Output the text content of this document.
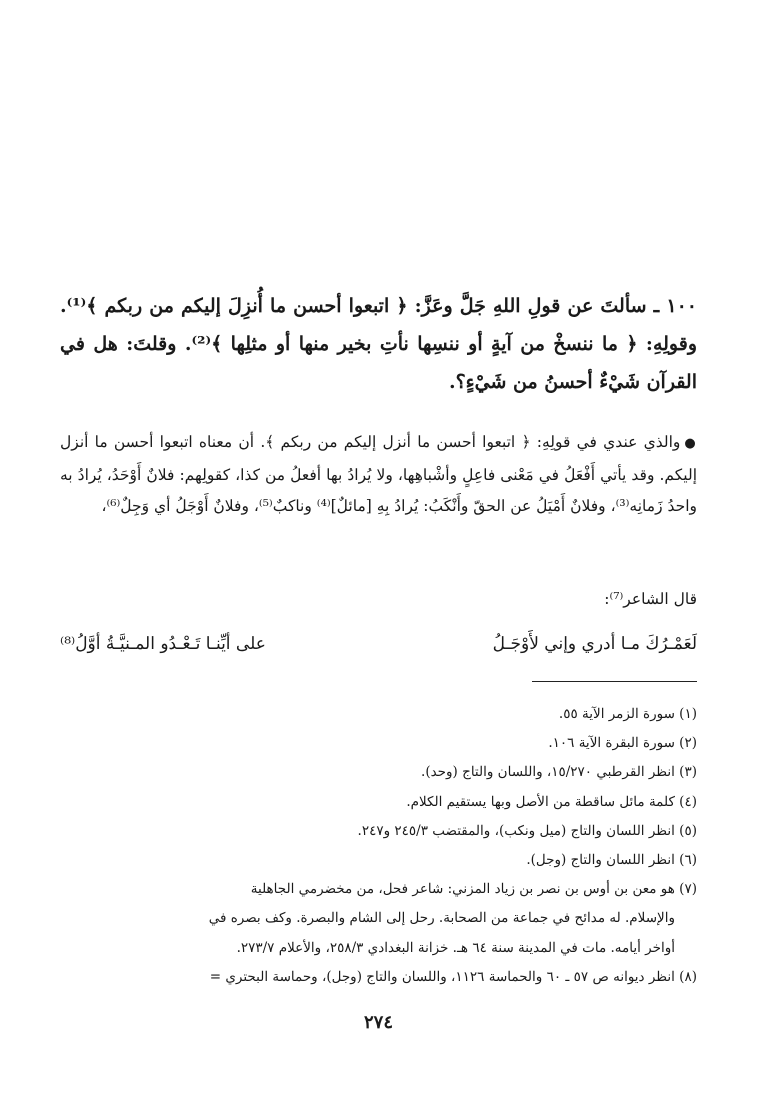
١٠٠ ـ سألتَ عن قولِ اللهِ جَلَّ وعَزَّ: ﴿ اتبعوا أحسن ما أُنزِلَ إليكم من ربكم ﴾⁽¹⁾. وقولِهِ: ﴿ ما ننسخْ من آيةٍ أو ننسِها نأتِ بخير منها أو مثلِها ﴾⁽²⁾. وقلتَ: هل في القرآن شَيْءٌ أحسنُ من شَيْءٍ؟.
●والذي عندي في قولِهِ: ﴿ اتبعوا أحسن ما أنزل إليكم من ربكم ﴾. أن معناه اتبعوا أحسن ما أنزل إليكم. وقد يأتي أَفْعَلُ في مَعْنى فاعِلٍ وأشْباهِها، ولا يُرادُ بها أفعلُ من كذا، كقولِهم: فلانٌ أَوْحَدُ، يُرادُ به واحدُ زَمانِه⁽³⁾، وفلانٌ أَمْيَلُ عن الحقّ وأَنْكَبُ: يُرادُ بِهِ [مائلٌ]⁽⁴⁾ وناكبٌ⁽⁵⁾، وفلانٌ أَوْجَلُ أي وَجِلٌ⁽⁶⁾،
قال الشاعر⁽⁷⁾:
لَعَمْـرُكَ مـا أدري وإني لأَوْجَـلُ
على أيِّنـا تَـعْـدُو المـنيَّـةُ أوَّلُ⁽⁸⁾
(١) سورة الزمر الآية ٥٥.
(٢) سورة البقرة الآية ١٠٦.
(٣) انظر القرطبي ١٥/٢٧٠، واللسان والتاج (وحد).
(٤) كلمة مائل ساقطة من الأصل وبها يستقيم الكلام.
(٥) انظر اللسان والتاج (ميل ونكب)، والمقتضب ٢٤٥/٣ و٢٤٧.
(٦) انظر اللسان والتاج (وجل).
(٧) هو معن بن أوس بن نصر بن زياد المزني: شاعر فحل، من مخضرمي الجاهلية
والإسلام. له مدائح في جماعة من الصحابة. رحل إلى الشام والبصرة. وكف بصره في
أواخر أيامه. مات في المدينة سنة ٦٤ هـ. خزانة البغدادي ٢٥٨/٣، والأعلام ٢٧٣/٧.
(٨) انظر ديوانه ص ٥٧ ـ ٦٠ والحماسة ١١٢٦، واللسان والتاج (وجل)، وحماسة البحتري =
٢٧٤
